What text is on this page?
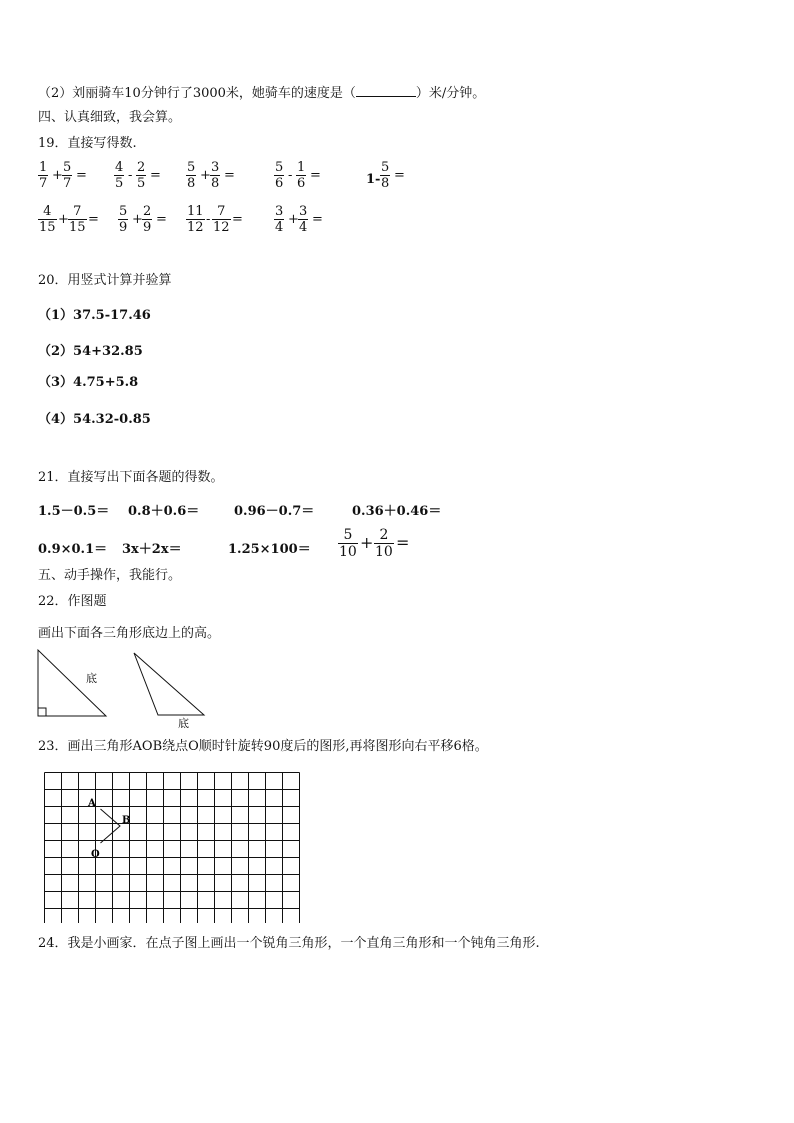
（2）刘丽骑车10分钟行了3000米，她骑车的速度是（	）米/分钟。
四、认真细致，我会算。
19．直接写得数.
$\frac{1}{7} + \frac{5}{7} = \frac{4}{5} - \frac{2}{5} = \frac{5}{8} + \frac{3}{8}$ =	$\frac{5}{6} - \frac{1}{6}$ =	$1- \frac{5}{8}$ =
$\frac{4}{15} + \frac{7}{15} = \frac{5}{9} + \frac{2}{9} = \frac{11}{12} - \frac{7}{12} = \frac{3}{4} + \frac{3}{4}$ =
20．用竖式计算并验算
（1）37.5-17.46
（2）54+32.85
（3）4.75+5.8
（4）54.32-0.85
21．直接写出下面各题的得数。
1.5－0.5＝ 0.8＋0.6＝	0.96－0.7＝	0.36＋0.46＝
0.9×0.1＝ 3x＋2x＝	$1.25\times 100= \frac{5}{10} + \frac{2}{10}$ =
五、动手操作，我能行。
22．作图题
画出下面各三角形底边上的高。
底
底
23．画出三角形AOB绕点O顺时针旋转90度后的图形,再将图形向右平移6格。
A
B
O
24．我是小画家．在点子图上画出一个锐角三角形，一个直角三角形和一个钝角三角形.
